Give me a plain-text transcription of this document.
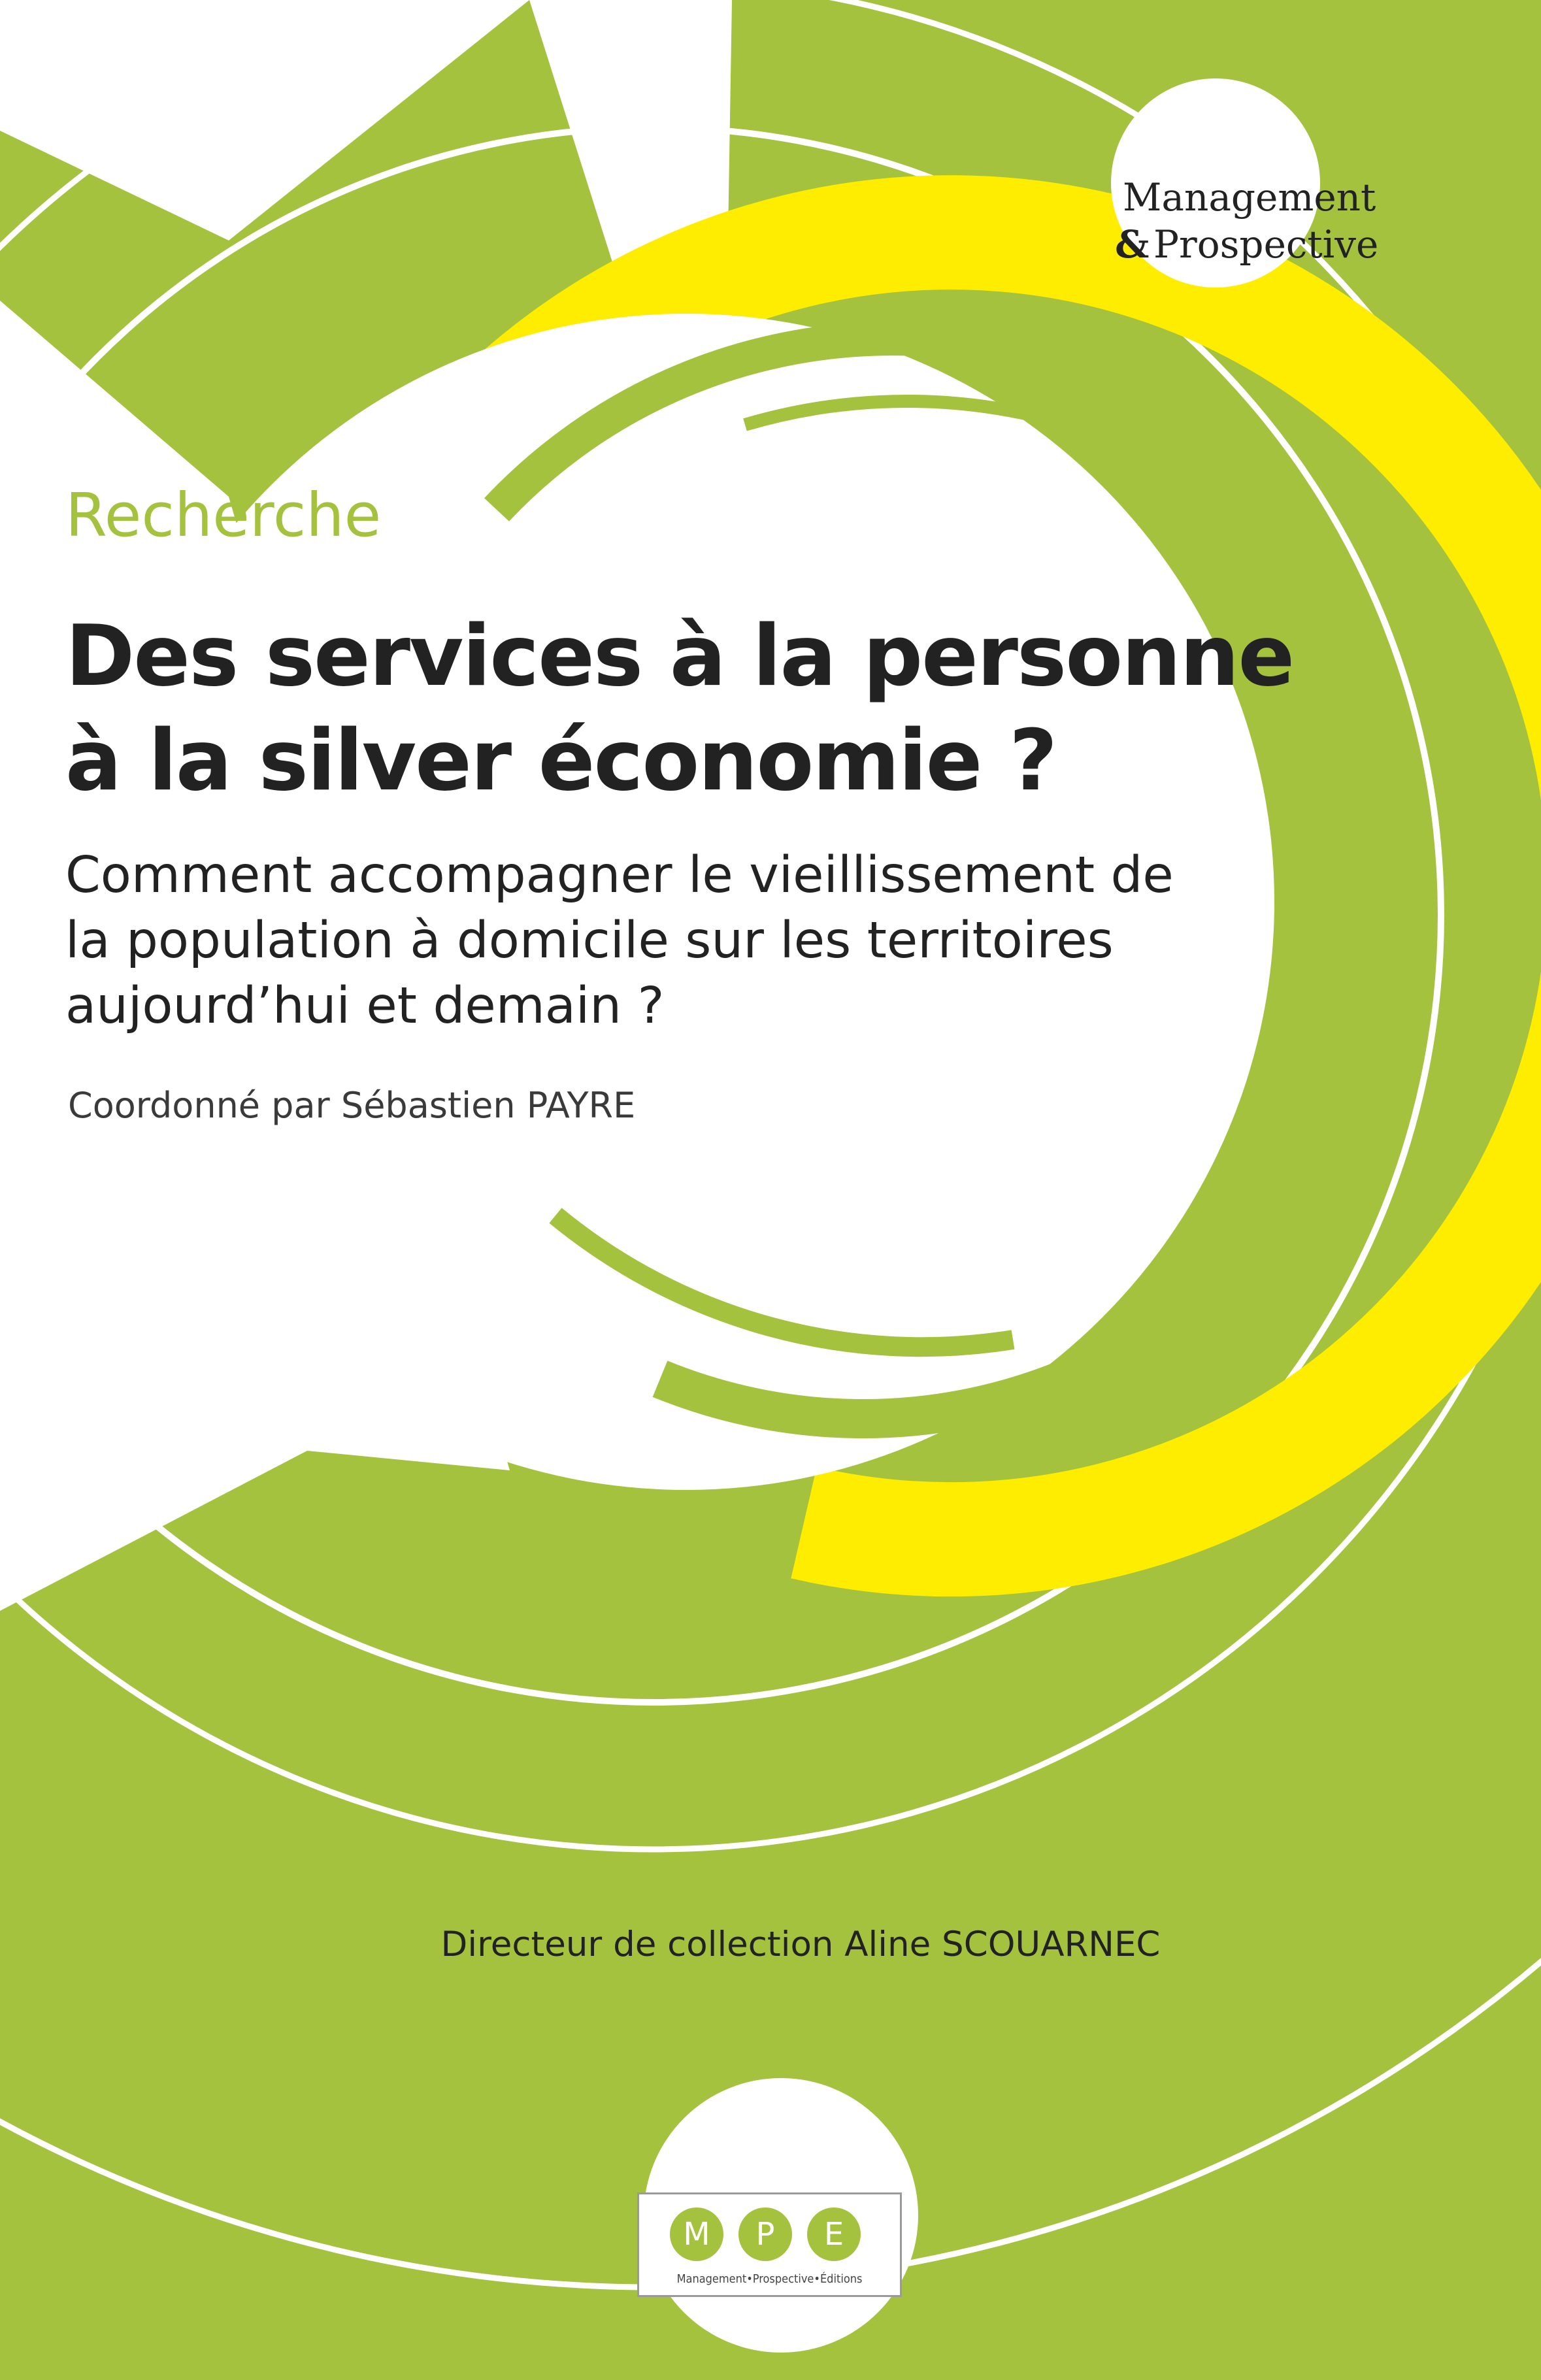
Management

& Prospective

Recherche

Des services à la personne
à la silver économie ?

Comment accompagner le vieillissement de

la population à domicile sur les territoires

aujourd’hui et demain ?

Coordonné par Sébastien PAYRE

Directeur de collection Aline SCOUARNEC

M	P	E

Management•Prospective•Éditions
